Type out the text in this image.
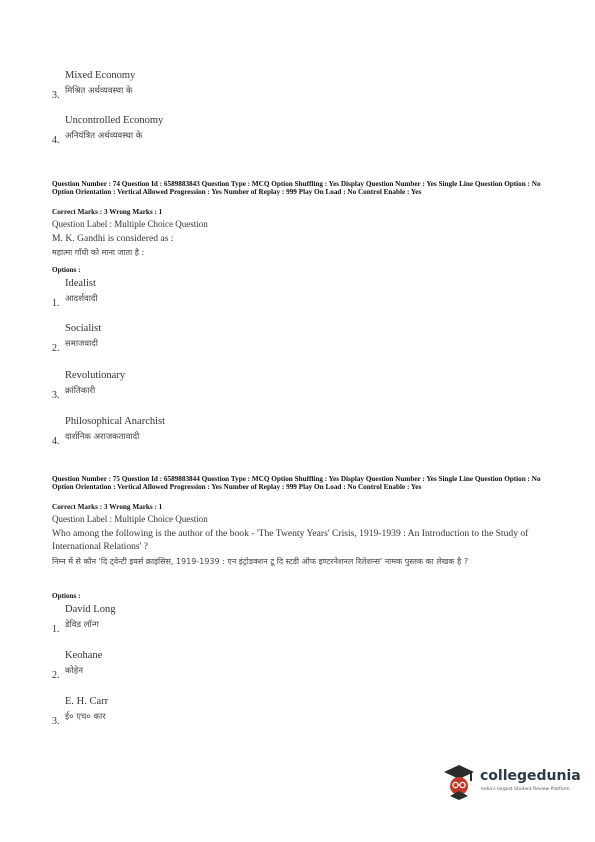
Mixed Economy
3. मिश्रित अर्थव्यवस्था के
Uncontrolled Economy
4. अनियंत्रित अर्थव्यवस्था के
Question Number : 74 Question Id : 6589883843 Question Type : MCQ Option Shuffling : Yes Display Question Number : Yes Single Line Question Option : No Option Orientation : Vertical Allowed Progression : Yes Number of Replay : 999 Play On Load : No Control Enable : Yes
Correct Marks : 3 Wrong Marks : 1
Question Label : Multiple Choice Question
M. K. Gandhi is considered as :
महात्मा गाँधी को माना जाता है :
Options :
Idealist
1. आदर्शवादी
Socialist
2. समाजवादी
Revolutionary
3. क्रांतिकारी
Philosophical Anarchist
4. दार्शनिक अराजकतावादी
Question Number : 75 Question Id : 6589883844 Question Type : MCQ Option Shuffling : Yes Display Question Number : Yes Single Line Question Option : No Option Orientation : Vertical Allowed Progression : Yes Number of Replay : 999 Play On Load : No Control Enable : Yes
Correct Marks : 3 Wrong Marks : 1
Question Label : Multiple Choice Question
Who among the following is the author of the book - 'The Twenty Years' Crisis, 1919-1939 : An Introduction to the Study of International Relations' ?
निम्न में से कौन 'दि ट्वेन्टी इयर्स क्राइसिस, 1919-1939 : एन इंट्रोडक्शन टू दि स्टडी ऑफ इण्टरनेशनल रिलेशन्स' नामक पुस्तक का लेखक है ?
Options :
David Long
1. डेविड लॉन्ग
Keohane
2. कोहेन
E. H. Carr
3. ई० एच० कार
collegedunia
India's largest Student Review Platform
